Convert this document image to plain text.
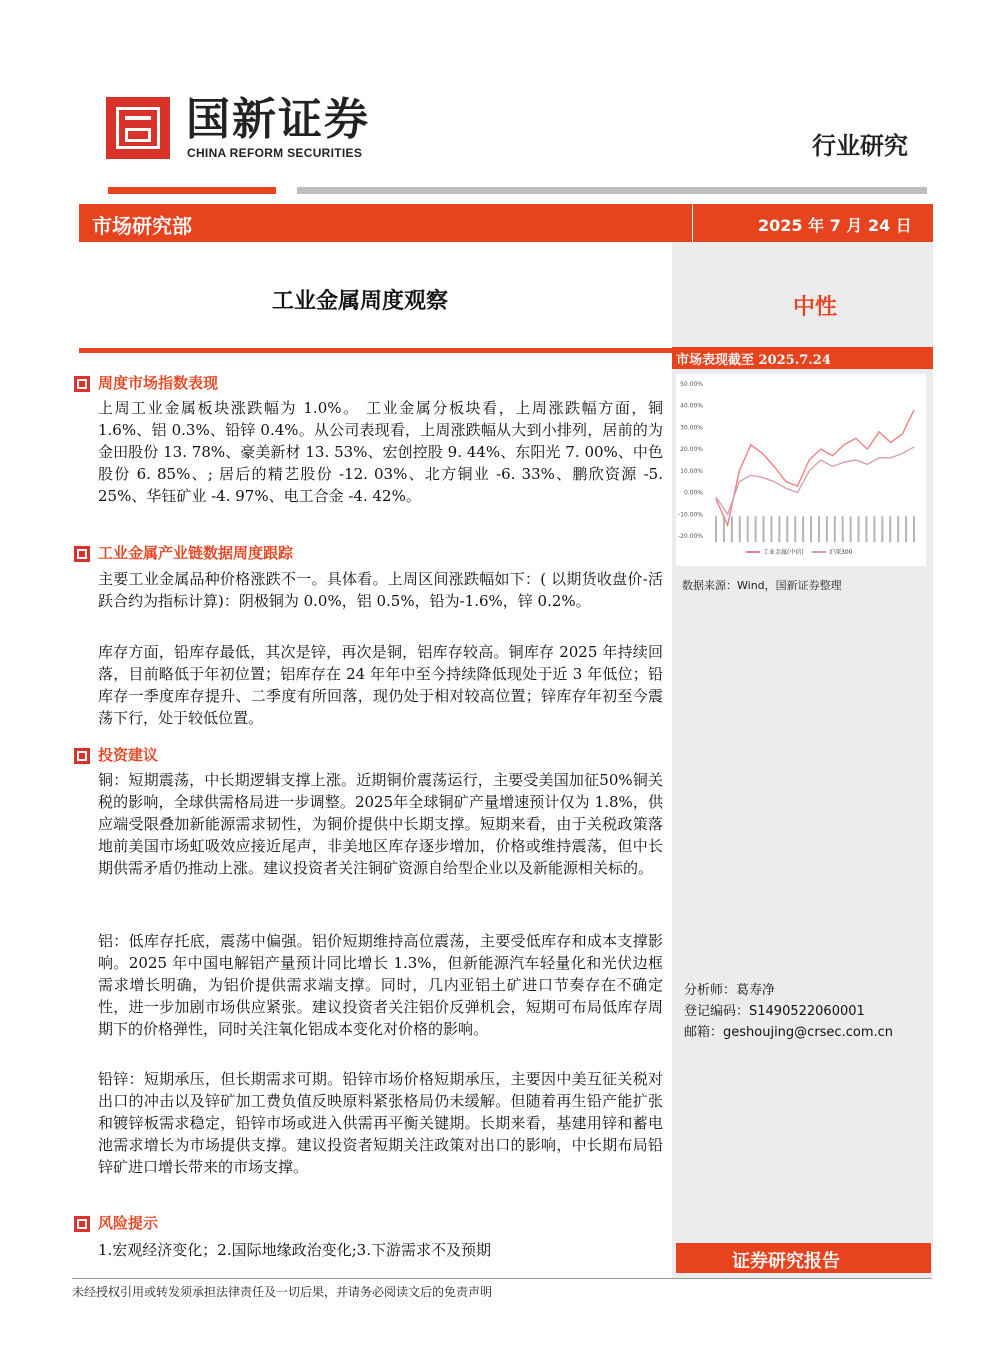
国新证券
CHINA REFORM SECURITIES	行业研究
市场研究部	2025 年 7 月 24 日
中性
市场表现截至 2025.7.24
50.00%
40.00%
30.00%
20.00%
10.00%
0.00%
-10.00%
-20.00%
工业金属(中信)	沪深300
数据来源：Wind，国新证券整理
分析师：葛寿净
登记编码：S1490522060001
邮箱：geshoujing@crsec.com.cn
证券研究报告
工业金属周度观察
周度市场指数表现
上周工业金属板块涨跌幅为 1.0%。 工业金属分板块看，上周涨跌幅方面，铜1.6%、铝 0.3%、铅锌 0.4%。从公司表现看，上周涨跌幅从大到小排列，居前的为金田股份 13. 78%、豪美新材 13. 53%、宏创控股 9. 44%、东阳光 7. 00%、中色股份 6. 85%、; 居后的精艺股份 -12. 03%、北方铜业 -6. 33%、鹏欣资源 -5. 25%、华钰矿业 -4. 97%、电工合金 -4. 42%。
工业金属产业链数据周度跟踪
主要工业金属品种价格涨跌不一。具体看。上周区间涨跌幅如下：( 以期货收盘价-活跃合约为指标计算)：阴极铜为 0.0%，铝 0.5%，铅为-1.6%，锌 0.2%。
库存方面，铅库存最低，其次是锌，再次是铜，铝库存较高。铜库存 2025 年持续回落，目前略低于年初位置；铝库存在 24 年年中至今持续降低现处于近 3 年低位；铅库存一季度库存提升、二季度有所回落，现仍处于相对较高位置；锌库存年初至今震荡下行，处于较低位置。
投资建议
铜：短期震荡，中长期逻辑支撑上涨。近期铜价震荡运行，主要受美国加征50%铜关税的影响，全球供需格局进一步调整。2025年全球铜矿产量增速预计仅为 1.8%，供应端受限叠加新能源需求韧性，为铜价提供中长期支撑。短期来看，由于关税政策落地前美国市场虹吸效应接近尾声，非美地区库存逐步增加，价格或维持震荡，但中长期供需矛盾仍推动上涨。建议投资者关注铜矿资源自给型企业以及新能源相关标的。
铝：低库存托底，震荡中偏强。铝价短期维持高位震荡，主要受低库存和成本支撑影响。2025 年中国电解铝产量预计同比增长 1.3%，但新能源汽车轻量化和光伏边框需求增长明确，为铝价提供需求端支撑。同时，几内亚铝土矿进口节奏存在不确定性，进一步加剧市场供应紧张。建议投资者关注铝价反弹机会，短期可布局低库存周期下的价格弹性，同时关注氧化铝成本变化对价格的影响。
铅锌：短期承压，但长期需求可期。铅锌市场价格短期承压，主要因中美互征关税对出口的冲击以及锌矿加工费负值反映原料紧张格局仍未缓解。但随着再生铅产能扩张和镀锌板需求稳定，铅锌市场或进入供需再平衡关键期。长期来看，基建用锌和蓄电池需求增长为市场提供支撑。建议投资者短期关注政策对出口的影响，中长期布局铅锌矿进口增长带来的市场支撑。
风险提示
1.宏观经济变化；2.国际地缘政治变化;3.下游需求不及预期
未经授权引用或转发须承担法律责任及一切后果，并请务必阅读文后的免责声明
